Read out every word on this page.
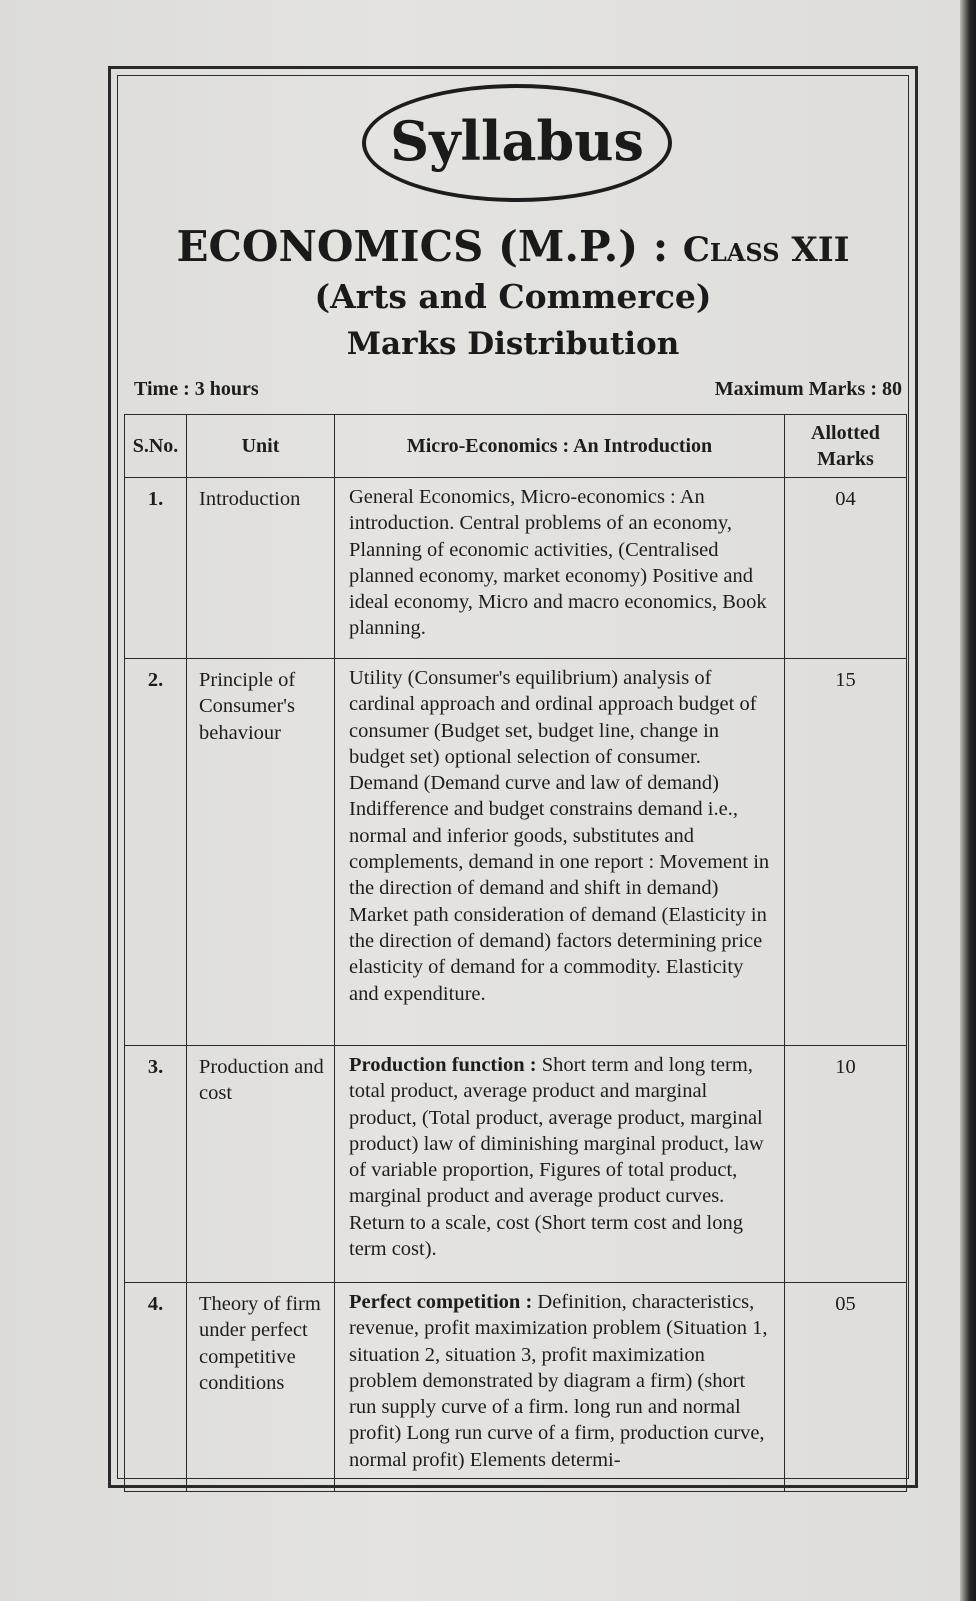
Syllabus
ECONOMICS (M.P.) : Class XII
(Arts and Commerce)
Marks Distribution
Time : 3 hours	Maximum Marks : 80
S.No.	Unit	Micro-Economics : An Introduction	Allotted Marks
1.	Introduction	General Economics, Micro-economics : An introduction. Central problems of an economy, Planning of economic activities, (Centralised planned economy, market economy) Positive and ideal economy, Micro and macro economics, Book planning.	04
2.	Principle of Consumer's behaviour	Utility (Consumer's equilibrium) analysis of cardinal approach and ordinal approach budget of consumer (Budget set, budget line, change in budget set) optional selection of consumer. Demand (Demand curve and law of demand) Indifference and budget constrains demand i.e., normal and inferior goods, substitutes and complements, demand in one report : Movement in the direction of demand and shift in demand) Market path consideration of demand (Elasticity in the direction of demand) factors determining price elasticity of demand for a commodity. Elasticity and expenditure.	15
3.	Production and cost	Production function : Short term and long term, total product, average product and marginal product, (Total product, average product, marginal product) law of diminishing marginal product, law of variable proportion, Figures of total product, marginal product and average product curves. Return to a scale, cost (Short term cost and long term cost).	10
4.	Theory of firm under perfect competitive conditions	Perfect competition : Definition, characteristics, revenue, profit maximization problem (Situation 1, situation 2, situation 3, profit maximization problem demonstrated by diagram a firm) (short run supply curve of a firm. long run and normal profit) Long run curve of a firm, production curve, normal profit) Elements determi-	05
